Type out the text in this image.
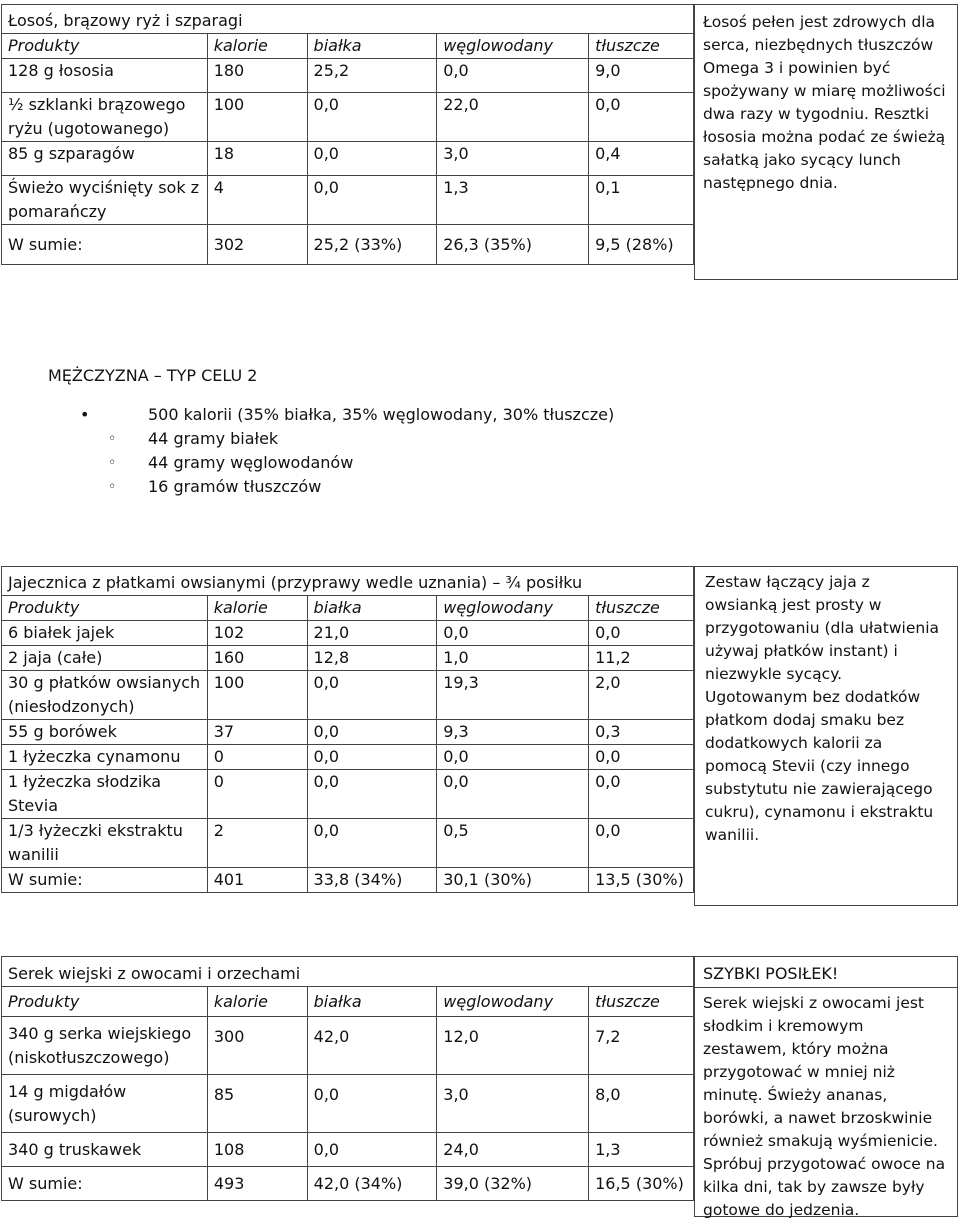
Łosoś, brązowy ryż i szparagi				
Produkty	kalorie	białka	węglowodany	tłuszcze
128 g łososia	180	25,2	0,0	9,0
½ szklanki brązowego ryżu (ugotowanego)	100	0,0	22,0	0,0
85 g szparagów	18	0,0	3,0	0,4
Świeżo wyciśnięty sok z pomarańczy	4	0,0	1,3	0,1
W sumie:	302	25,2 (33%)	26,3 (35%)	9,5 (28%)
Łosoś pełen jest zdrowych dla serca, niezbędnych tłuszczów Omega 3 i powinien być spożywany w miarę możliwości dwa razy w tygodniu. Resztki łososia można podać ze świeżą sałatką jako sycący lunch następnego dnia.
MĘŻCZYZNA – TYP CELU 2
• 500 kalorii (35% białka, 35% węglowodany, 30% tłuszcze)
◦ 44 gramy białek
◦ 44 gramy węglowodanów
◦ 16 gramów tłuszczów
Jajecznica z płatkami owsianymi (przyprawy wedle uznania) – ¾ posiłku				
Produkty	kalorie	białka	węglowodany	tłuszcze
6 białek jajek	102	21,0	0,0	0,0
2 jaja (całe)	160	12,8	1,0	11,2
30 g płatków owsianych (niesłodzonych)	100	0,0	19,3	2,0
55 g borówek	37	0,0	9,3	0,3
1 łyżeczka cynamonu	0	0,0	0,0	0,0
1 łyżeczka słodzika Stevia	0	0,0	0,0	0,0
1/3 łyżeczki ekstraktu wanilii	2	0,0	0,5	0,0
W sumie:	401	33,8 (34%)	30,1 (30%)	13,5 (30%)
Zestaw łączący jaja z owsianką jest prosty w przygotowaniu (dla ułatwienia używaj płatków instant) i niezwykle sycący. Ugotowanym bez dodatków płatkom dodaj smaku bez dodatkowych kalorii za pomocą Stevii (czy innego substytutu nie zawierającego cukru), cynamonu i ekstraktu wanilii.
Serek wiejski z owocami i orzechami				
Produkty	kalorie	białka	węglowodany	tłuszcze
340 g serka wiejskiego (niskotłuszczowego)	300	42,0	12,0	7,2
14 g migdałów (surowych)	85	0,0	3,0	8,0
340 g truskawek	108	0,0	24,0	1,3
W sumie:	493	42,0 (34%)	39,0 (32%)	16,5 (30%)
SZYBKI POSIŁEK!
Serek wiejski z owocami jest słodkim i kremowym zestawem, który można przygotować w mniej niż minutę. Świeży ananas, borówki, a nawet brzoskwinie również smakują wyśmienicie. Spróbuj przygotować owoce na kilka dni, tak by zawsze były gotowe do jedzenia.
